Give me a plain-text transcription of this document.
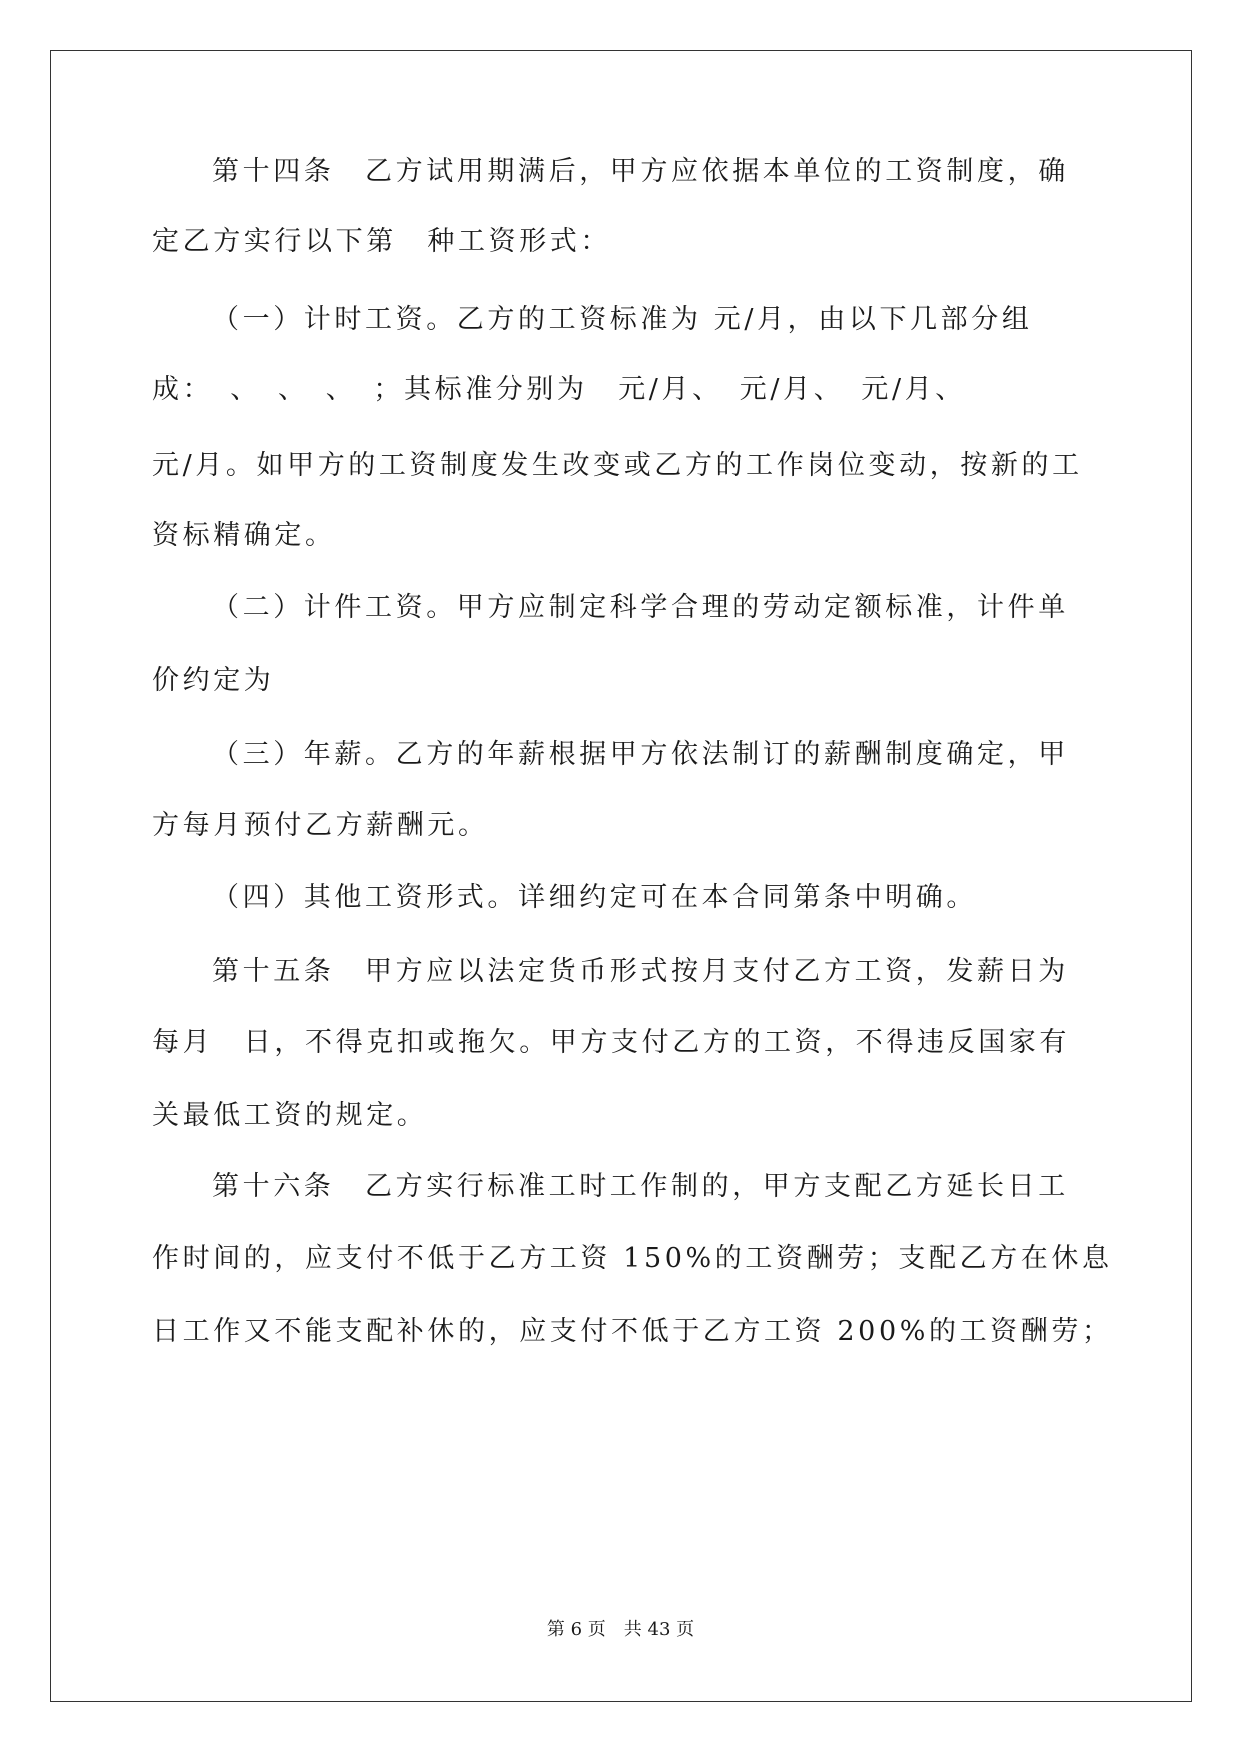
第十四条　乙方试用期满后，甲方应依据本单位的工资制度，确
定乙方实行以下第　种工资形式：
（一）计时工资。乙方的工资标准为 元/月，由以下几部分组
成：　、　、　、　；其标准分别为　元/月、　元/月、　元/月、
元/月。如甲方的工资制度发生改变或乙方的工作岗位变动，按新的工
资标精确定。
（二）计件工资。甲方应制定科学合理的劳动定额标准，计件单
价约定为
（三）年薪。乙方的年薪根据甲方依法制订的薪酬制度确定，甲
方每月预付乙方薪酬元。
（四）其他工资形式。详细约定可在本合同第条中明确。
第十五条　甲方应以法定货币形式按月支付乙方工资，发薪日为
每月　日，不得克扣或拖欠。甲方支付乙方的工资，不得违反国家有
关最低工资的规定。
第十六条　乙方实行标准工时工作制的，甲方支配乙方延长日工
作时间的，应支付不低于乙方工资 150%的工资酬劳；支配乙方在休息
日工作又不能支配补休的，应支付不低于乙方工资 200%的工资酬劳；
第 6 页　共 43 页
